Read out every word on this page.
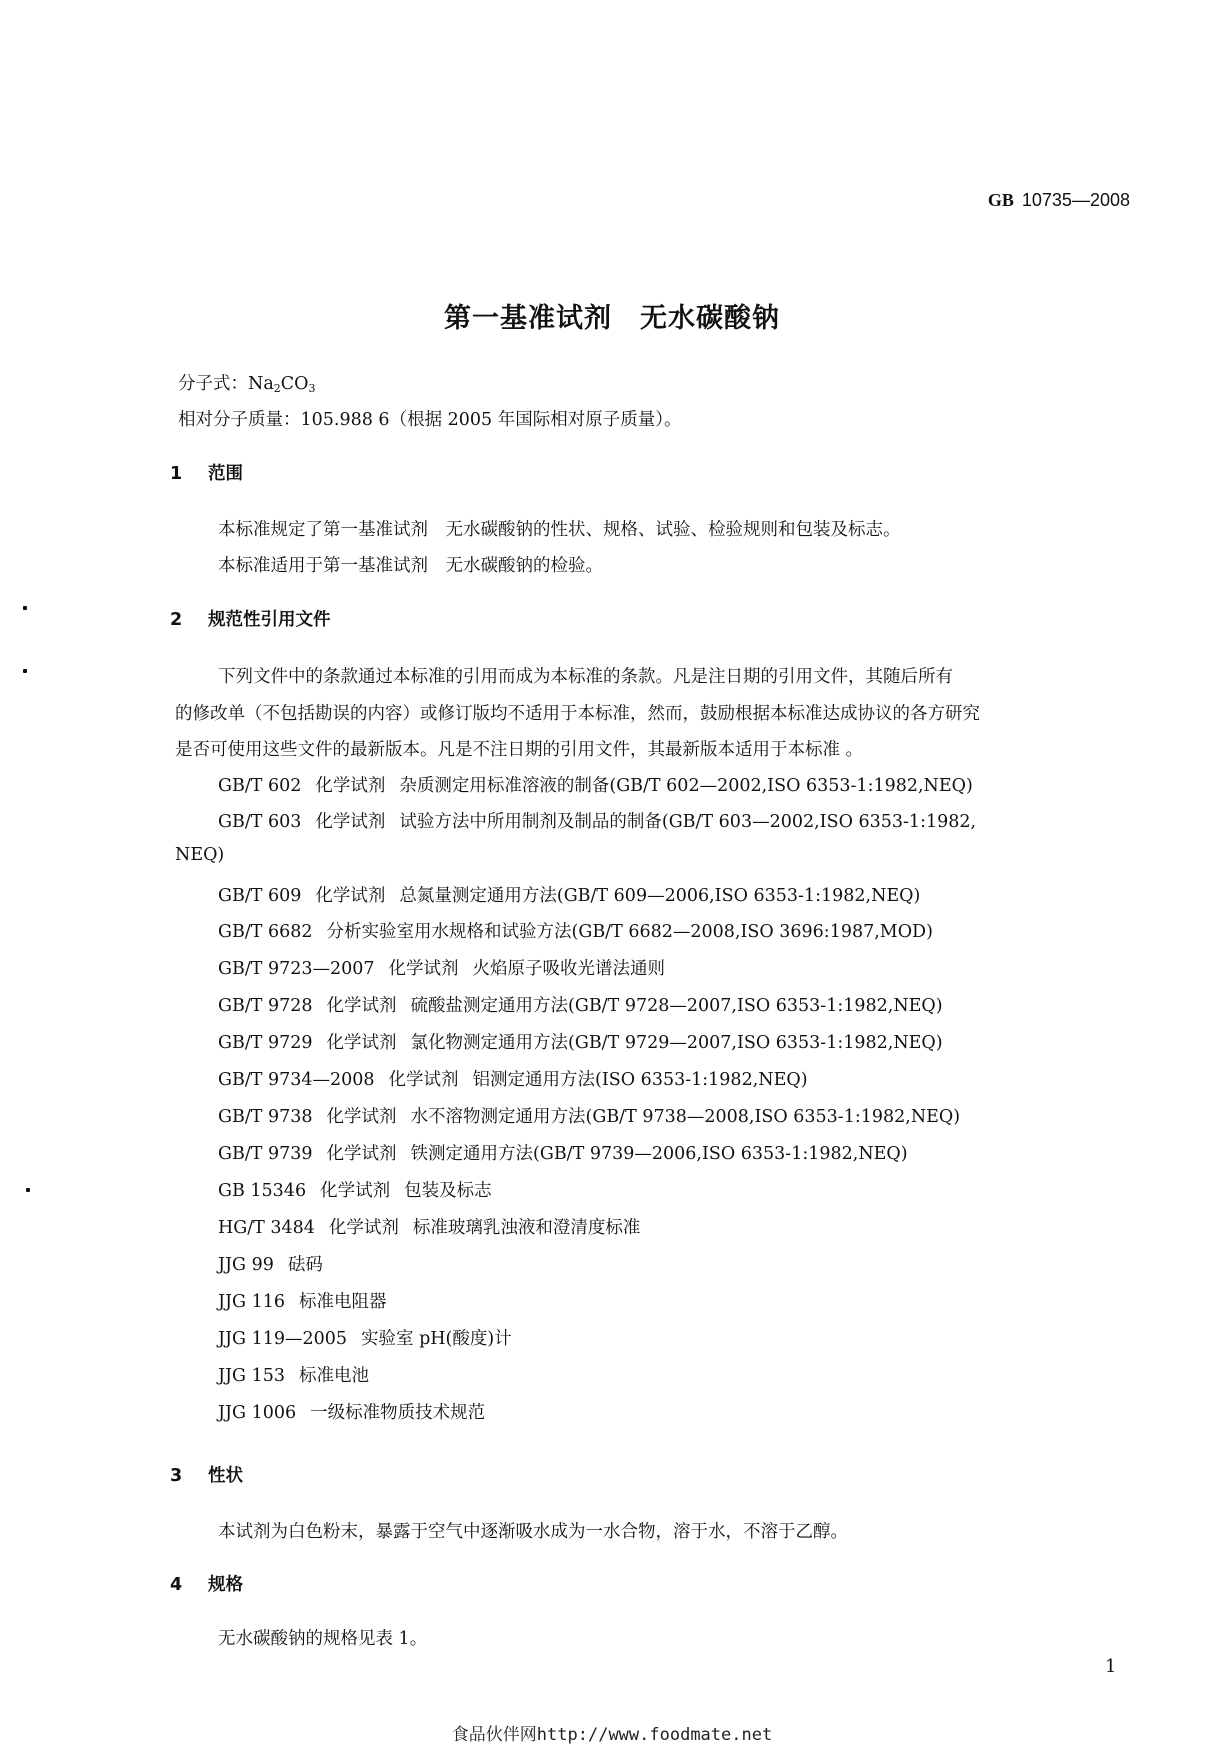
GB 10735—2008
第一基准试剂 无水碳酸钠
分子式：$Na_2CO_3$
相对分子质量：105.988 6（根据 2005 年国际相对原子质量）。
1 范围
本标准规定了第一基准试剂　无水碳酸钠的性状、规格、试验、检验规则和包装及标志。
本标准适用于第一基准试剂　无水碳酸钠的检验。
2 规范性引用文件
下列文件中的条款通过本标准的引用而成为本标准的条款。凡是注日期的引用文件，其随后所有
的修改单（不包括勘误的内容）或修订版均不适用于本标准，然而，鼓励根据本标准达成协议的各方研究
是否可使用这些文件的最新版本。凡是不注日期的引用文件，其最新版本适用于本标准 。
GB/T 602 化学试剂 杂质测定用标准溶液的制备(GB/T 602—2002,ISO 6353-1:1982,NEQ)
GB/T 603 化学试剂 试验方法中所用制剂及制品的制备(GB/T 603—2002,ISO 6353-1:1982,
NEQ)
GB/T 609 化学试剂 总氮量测定通用方法(GB/T 609—2006,ISO 6353-1:1982,NEQ)
GB/T 6682 分析实验室用水规格和试验方法(GB/T 6682—2008,ISO 3696:1987,MOD)
GB/T 9723—2007 化学试剂 火焰原子吸收光谱法通则
GB/T 9728 化学试剂 硫酸盐测定通用方法(GB/T 9728—2007,ISO 6353-1:1982,NEQ)
GB/T 9729 化学试剂 氯化物测定通用方法(GB/T 9729—2007,ISO 6353-1:1982,NEQ)
GB/T 9734—2008 化学试剂 铝测定通用方法(ISO 6353-1:1982,NEQ)
GB/T 9738 化学试剂 水不溶物测定通用方法(GB/T 9738—2008,ISO 6353-1:1982,NEQ)
GB/T 9739 化学试剂 铁测定通用方法(GB/T 9739—2006,ISO 6353-1:1982,NEQ)
GB 15346 化学试剂 包装及标志
HG/T 3484 化学试剂 标准玻璃乳浊液和澄清度标准
JJG 99 砝码
JJG 116 标准电阻器
JJG 119—2005 实验室 pH(酸度)计
JJG 153 标准电池
JJG 1006 一级标准物质技术规范
3 性状
本试剂为白色粉末，暴露于空气中逐渐吸水成为一水合物，溶于水，不溶于乙醇。
4 规格
无水碳酸钠的规格见表 1。
1
食品伙伴网http://www.foodmate.net
